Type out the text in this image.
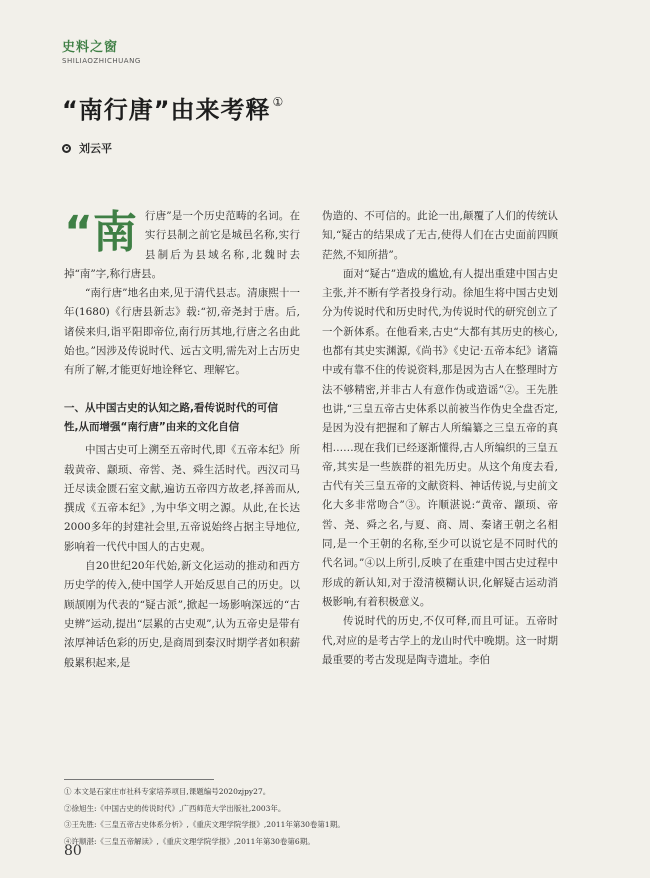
史料之窗
SHILIAOZHICHUANG
“南行唐”由来考释 ①
刘云平
“南 行唐”是一个历史范畴的名词。在实行县制之前它是城邑名称,实行县制后为县域名称,北魏时去掉“南”字,称行唐县。

“南行唐”地名由来,见于清代县志。清康熙十一年(1680)《行唐县新志》载:“初,帝尧封于唐。后,诸侯来归,诣平阳即帝位,南行历其地,行唐之名由此始也。”因涉及传说时代、远古文明,需先对上古历史有所了解,才能更好地诠释它、理解它。

一、从中国古史的认知之路,看传说时代的可信
性,从而增强“南行唐”由来的文化自信

中国古史可上溯至五帝时代,即《五帝本纪》所载黄帝、颛顼、帝喾、尧、舜生活时代。西汉司马迁尽读金匮石室文献,遍访五帝四方故老,择善而从,撰成《五帝本纪》,为中华文明之源。从此,在长达2000多年的封建社会里,五帝说始终占据主导地位,影响着一代代中国人的古史观。

自20世纪20年代始,新文化运动的推动和西方历史学的传入,使中国学人开始反思自己的历史。以顾颉刚为代表的“疑古派”,掀起一场影响深远的“古史辨”运动,提出“层累的古史观”,认为五帝史是带有浓厚神话色彩的历史,是商周到秦汉时期学者如积薪般累积起来,是

伪造的、不可信的。此论一出,颠覆了人们的传统认知,“疑古的结果成了无古,使得人们在古史面前四顾茫然,不知所措”。

面对“疑古”造成的尴尬,有人提出重建中国古史主张,并不断有学者投身行动。徐旭生将中国古史划分为传说时代和历史时代,为传说时代的研究创立了一个新体系。在他看来,古史“大都有其历史的核心,也都有其史实渊源,《尚书》《史记·五帝本纪》诸篇中或有靠不住的传说资料,那是因为古人在整理时方法不够精密,并非古人有意作伪或造谣”②。王先胜也讲,“三皇五帝古史体系以前被当作伪史全盘否定,是因为没有把握和了解古人所编纂之三皇五帝的真相……现在我们已经逐渐懂得,古人所编织的三皇五帝,其实是一些族群的祖先历史。从这个角度去看,古代有关三皇五帝的文献资料、神话传说,与史前文化大多非常吻合”③。许顺湛说:“黄帝、颛顼、帝喾、尧、舜之名,与夏、商、周、秦诸王朝之名相同,是一个王朝的名称,至少可以说它是不同时代的代名词。”④以上所引,反映了在重建中国古史过程中形成的新认知,对于澄清模糊认识,化解疑古运动消极影响,有着积极意义。

传说时代的历史,不仅可释,而且可证。五帝时代,对应的是考古学上的龙山时代中晚期。这一时期最重要的考古发现是陶寺遗址。李伯

① 本文是石家庄市社科专家培养项目,课题编号2020zjpy27。
②徐旭生:《中国古史的传说时代》,广西师范大学出版社,2003年。
③王先胜:《三皇五帝古史体系分析》,《重庆文理学院学报》,2011年第30卷第1期。
④许顺湛:《三皇五帝解读》,《重庆文理学院学报》,2011年第30卷第6期。
80
